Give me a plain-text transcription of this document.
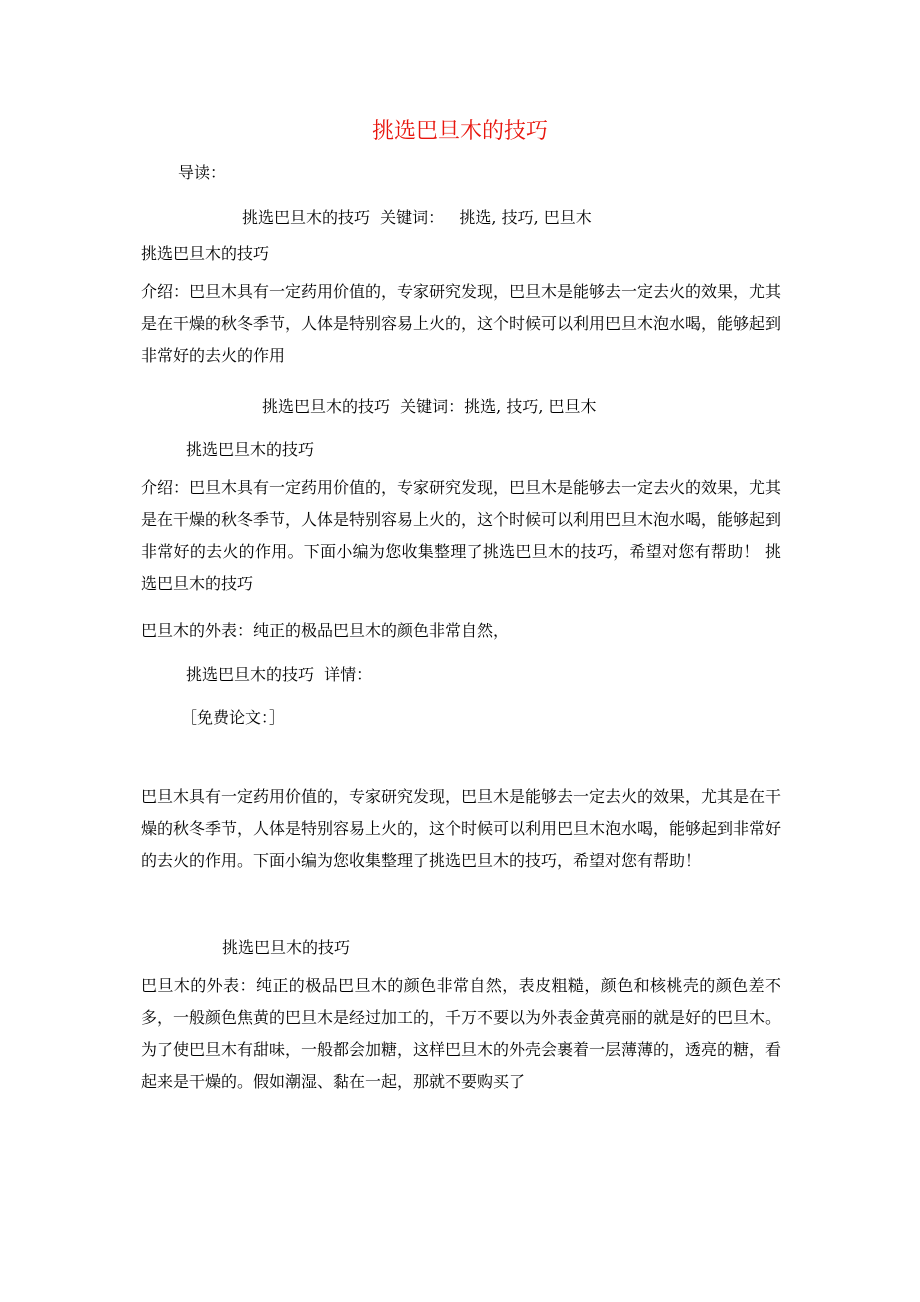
挑选巴旦木的技巧
导读：
挑选巴旦木的技巧  关键词：   挑选, 技巧, 巴旦木
挑选巴旦木的技巧
介绍：巴旦木具有一定药用价值的，专家研究发现，巴旦木是能够去一定去火的效果，尤其是在干燥的秋冬季节，人体是特别容易上火的，这个时候可以利用巴旦木泡水喝，能够起到非常好的去火的作用
挑选巴旦木的技巧  关键词：挑选, 技巧, 巴旦木
挑选巴旦木的技巧
介绍：巴旦木具有一定药用价值的，专家研究发现，巴旦木是能够去一定去火的效果，尤其是在干燥的秋冬季节，人体是特别容易上火的，这个时候可以利用巴旦木泡水喝，能够起到非常好的去火的作用。下面小编为您收集整理了挑选巴旦木的技巧，希望对您有帮助！ 挑选巴旦木的技巧
巴旦木的外表：纯正的极品巴旦木的颜色非常自然，
挑选巴旦木的技巧  详情：
［免费论文：］
巴旦木具有一定药用价值的，专家研究发现，巴旦木是能够去一定去火的效果，尤其是在干燥的秋冬季节，人体是特别容易上火的，这个时候可以利用巴旦木泡水喝，能够起到非常好的去火的作用。下面小编为您收集整理了挑选巴旦木的技巧，希望对您有帮助！
挑选巴旦木的技巧
巴旦木的外表：纯正的极品巴旦木的颜色非常自然，表皮粗糙，颜色和核桃壳的颜色差不多，一般颜色焦黄的巴旦木是经过加工的，千万不要以为外表金黄亮丽的就是好的巴旦木。为了使巴旦木有甜味，一般都会加糖，这样巴旦木的外壳会裹着一层薄薄的，透亮的糖，看起来是干燥的。假如潮湿、黏在一起，那就不要购买了
